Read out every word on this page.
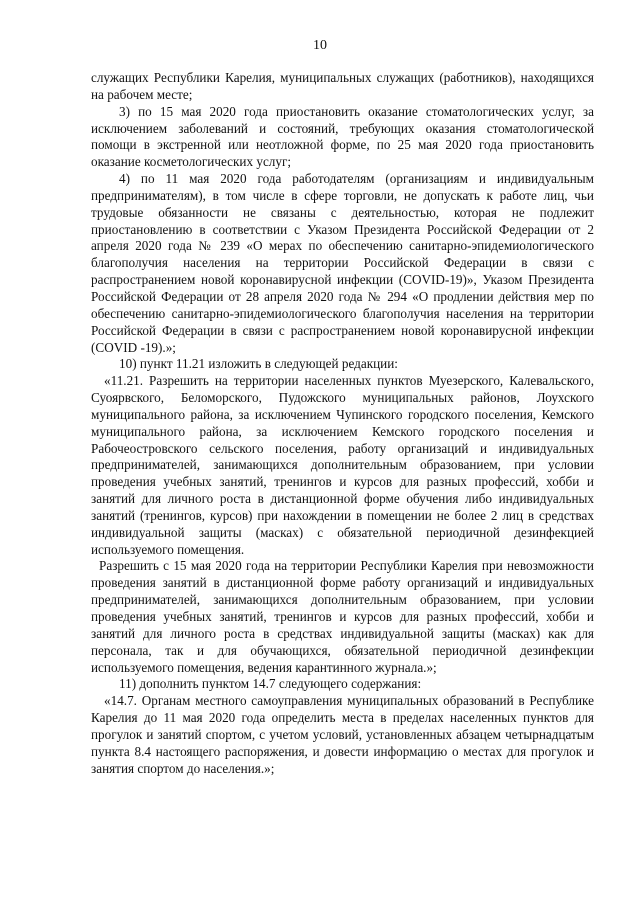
10

служащих Республики Карелия, муниципальных служащих (работников), находящихся на рабочем месте;

3) по 15 мая 2020 года приостановить оказание стоматологических услуг, за исключением заболеваний и состояний, требующих оказания стоматологической помощи в экстренной или неотложной форме, по 25 мая 2020 года приостановить оказание косметологических услуг;

4) по 11 мая 2020 года работодателям (организациям и индивидуальным предпринимателям), в том числе в сфере торговли, не допускать к работе лиц, чьи трудовые обязанности не связаны с деятельностью, которая не подлежит приостановлению в соответствии с Указом Президента Российской Федерации от 2 апреля 2020 года № 239 «О мерах по обеспечению санитарно-эпидемиологического благополучия населения на территории Российской Федерации в связи с распространением новой коронавирусной инфекции (COVID-19)», Указом Президента Российской Федерации от 28 апреля 2020 года № 294 «О продлении действия мер по обеспечению санитарно-эпидемиологического благополучия населения на территории Российской Федерации в связи с распространением новой коронавирусной инфекции (COVID -19).»;

10) пункт 11.21 изложить в следующей редакции:

«11.21. Разрешить на территории населенных пунктов Муезерского, Калевальского, Суоярвского, Беломорского, Пудожского муниципальных районов, Лоухского муниципального района, за исключением Чупинского городского поселения, Кемского муниципального района, за исключением Кемского городского поселения и Рабочеостровского сельского поселения, работу организаций и индивидуальных предпринимателей, занимающихся дополнительным образованием, при условии проведения учебных занятий, тренингов и курсов для разных профессий, хобби и занятий для личного роста в дистанционной форме обучения либо индивидуальных занятий (тренингов, курсов) при нахождении в помещении не более 2 лиц в средствах индивидуальной защиты (масках) с обязательной периодичной дезинфекцией используемого помещения.

Разрешить с 15 мая 2020 года на территории Республики Карелия при невозможности проведения занятий в дистанционной форме работу организаций и индивидуальных предпринимателей, занимающихся дополнительным образованием, при условии проведения учебных занятий, тренингов и курсов для разных профессий, хобби и занятий для личного роста в средствах индивидуальной защиты (масках) как для персонала, так и для обучающихся, обязательной периодичной дезинфекции используемого помещения, ведения карантинного журнала.»;

11) дополнить пунктом 14.7 следующего содержания:

«14.7. Органам местного самоуправления муниципальных образований в Республике Карелия до 11 мая 2020 года определить места в пределах населенных пунктов для прогулок и занятий спортом, с учетом условий, установленных абзацем четырнадцатым пункта 8.4 настоящего распоряжения, и довести информацию о местах для прогулок и занятия спортом до населения.»;
